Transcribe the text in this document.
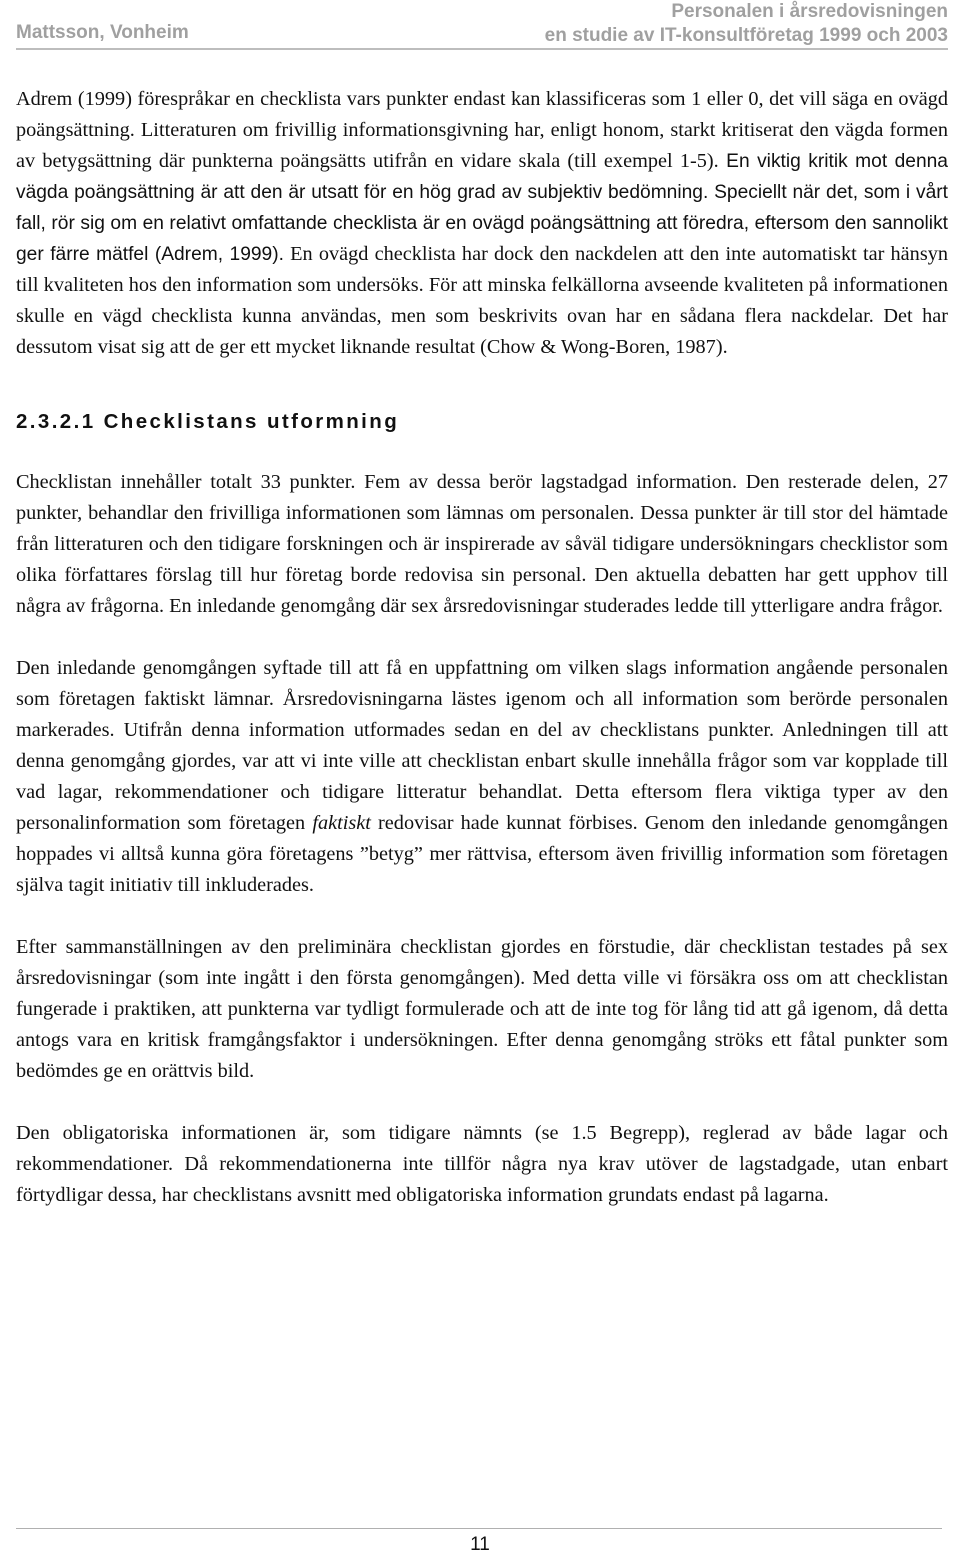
Mattsson, Vonheim
Personalen i årsredovisningen
en studie av IT-konsultföretag 1999 och 2003

Adrem (1999) förespråkar en checklista vars punkter endast kan klassificeras som 1 eller 0, det vill säga en ovägd poängsättning. Litteraturen om frivillig informationsgivning har, enligt honom, starkt kritiserat den vägda formen av betygsättning där punkterna poängsätts utifrån en vidare skala (till exempel 1-5). En viktig kritik mot denna vägda poängsättning är att den är utsatt för en hög grad av subjektiv bedömning. Speciellt när det, som i vårt fall, rör sig om en relativt omfattande checklista är en ovägd poängsättning att föredra, eftersom den sannolikt ger färre mätfel (Adrem, 1999). En ovägd checklista har dock den nackdelen att den inte automatiskt tar hänsyn till kvaliteten hos den information som undersöks. För att minska felkällorna avseende kvaliteten på informationen skulle en vägd checklista kunna användas, men som beskrivits ovan har en sådana flera nackdelar. Det har dessutom visat sig att de ger ett mycket liknande resultat (Chow & Wong-Boren, 1987).

2.3.2.1 Checklistans utformning

Checklistan innehåller totalt 33 punkter. Fem av dessa berör lagstadgad information. Den resterade delen, 27 punkter, behandlar den frivilliga informationen som lämnas om personalen. Dessa punkter är till stor del hämtade från litteraturen och den tidigare forskningen och är inspirerade av såväl tidigare undersökningars checklistor som olika författares förslag till hur företag borde redovisa sin personal. Den aktuella debatten har gett upphov till några av frågorna. En inledande genomgång där sex årsredovisningar studerades ledde till ytterligare andra frågor.

Den inledande genomgången syftade till att få en uppfattning om vilken slags information angående personalen som företagen faktiskt lämnar. Årsredovisningarna lästes igenom och all information som berörde personalen markerades. Utifrån denna information utformades sedan en del av checklistans punkter. Anledningen till att denna genomgång gjordes, var att vi inte ville att checklistan enbart skulle innehålla frågor som var kopplade till vad lagar, rekommendationer och tidigare litteratur behandlat. Detta eftersom flera viktiga typer av den personalinformation som företagen faktiskt redovisar hade kunnat förbises. Genom den inledande genomgången hoppades vi alltså kunna göra företagens ”betyg” mer rättvisa, eftersom även frivillig information som företagen själva tagit initiativ till inkluderades.

Efter sammanställningen av den preliminära checklistan gjordes en förstudie, där checklistan testades på sex årsredovisningar (som inte ingått i den första genomgången). Med detta ville vi försäkra oss om att checklistan fungerade i praktiken, att punkterna var tydligt formulerade och att de inte tog för lång tid att gå igenom, då detta antogs vara en kritisk framgångsfaktor i undersökningen. Efter denna genomgång ströks ett fåtal punkter som bedömdes ge en orättvis bild.

Den obligatoriska informationen är, som tidigare nämnts (se 1.5 Begrepp), reglerad av både lagar och rekommendationer. Då rekommendationerna inte tillför några nya krav utöver de lagstadgade, utan enbart förtydligar dessa, har checklistans avsnitt med obligatoriska information grundats endast på lagarna.

11
